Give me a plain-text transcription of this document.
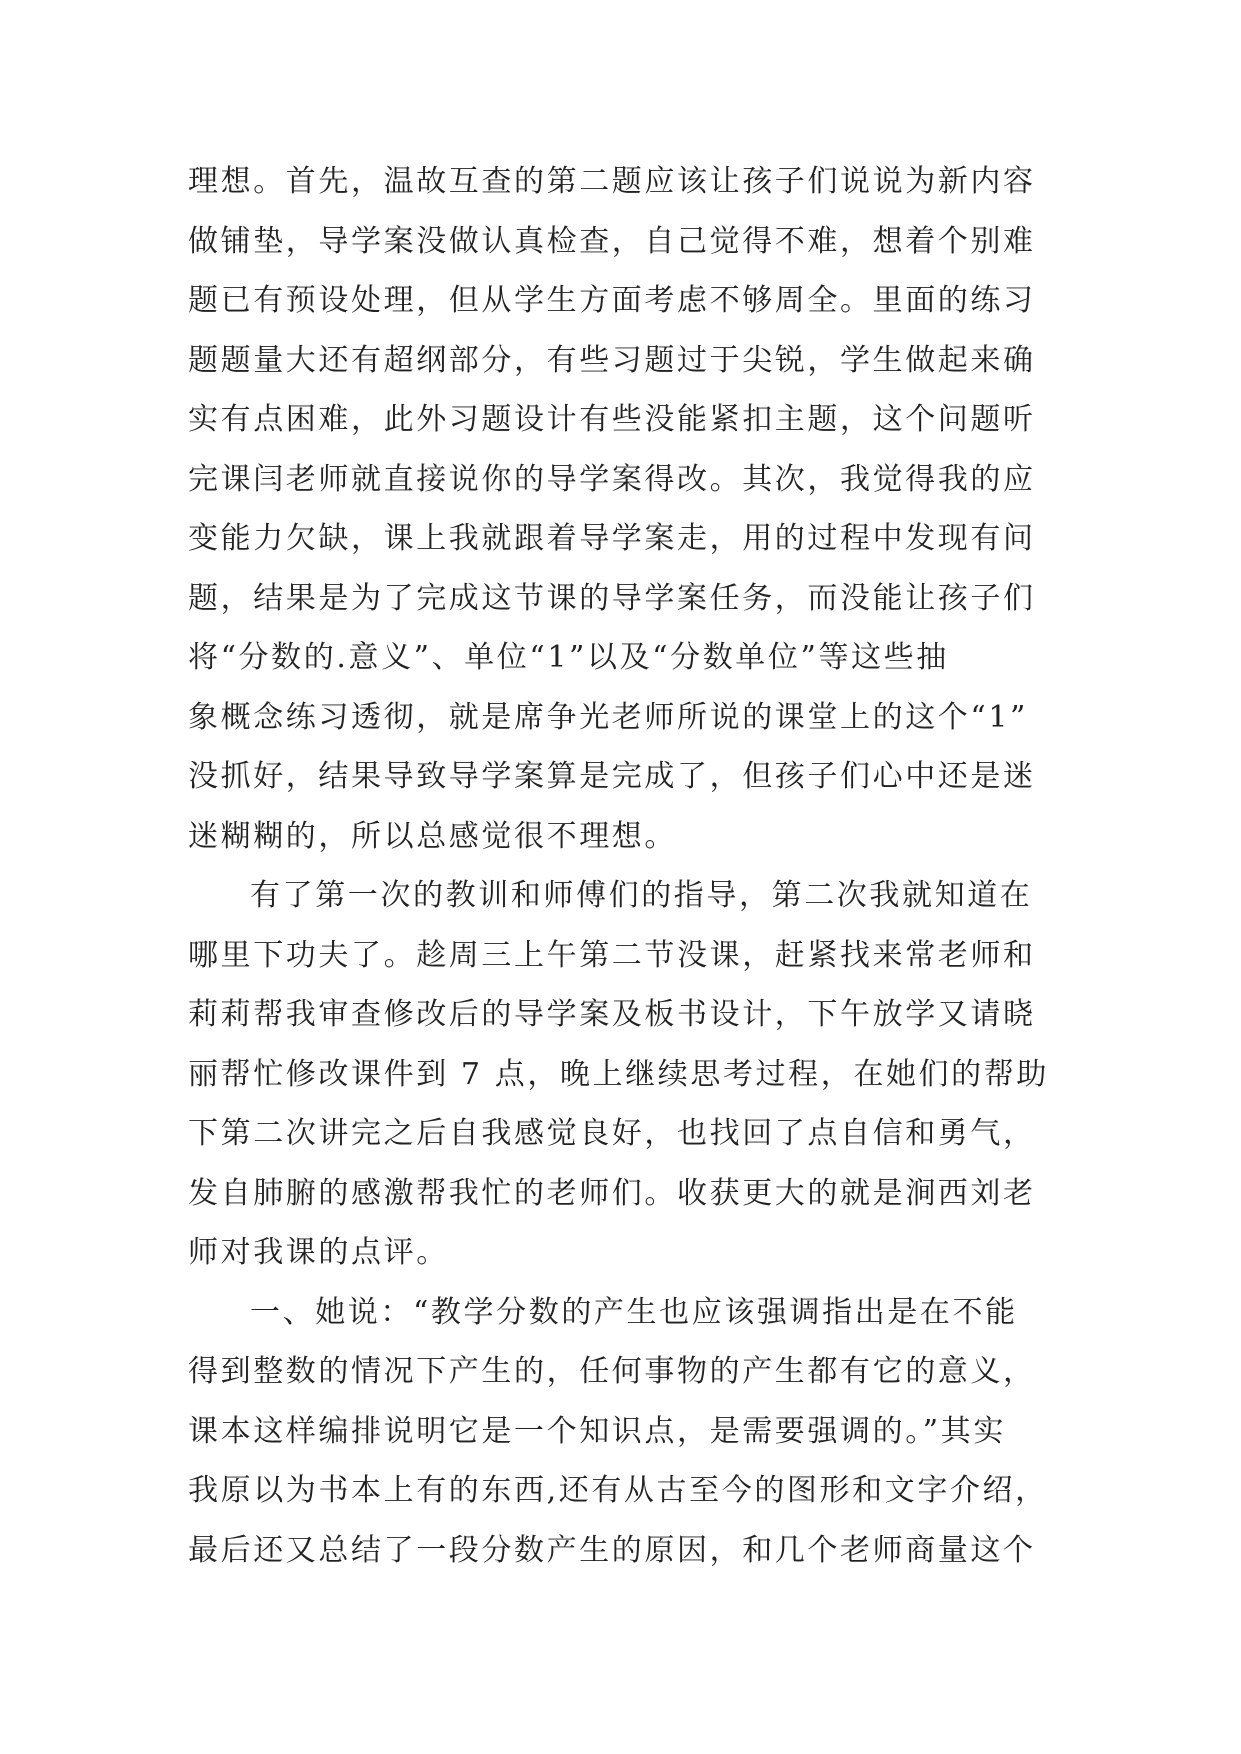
理想。首先，温故互查的第二题应该让孩子们说说为新内容
做铺垫，导学案没做认真检查，自己觉得不难，想着个别难
题已有预设处理，但从学生方面考虑不够周全。里面的练习
题题量大还有超纲部分，有些习题过于尖锐，学生做起来确
实有点困难，此外习题设计有些没能紧扣主题，这个问题听
完课闫老师就直接说你的导学案得改。其次，我觉得我的应
变能力欠缺，课上我就跟着导学案走，用的过程中发现有问
题，结果是为了完成这节课的导学案任务，而没能让孩子们
将“分数的.意义”、单位“1”以及“分数单位”等这些抽
象概念练习透彻，就是席争光老师所说的课堂上的这个“1”
没抓好，结果导致导学案算是完成了，但孩子们心中还是迷
迷糊糊的，所以总感觉很不理想。
有了第一次的教训和师傅们的指导，第二次我就知道在
哪里下功夫了。趁周三上午第二节没课，赶紧找来常老师和
莉莉帮我审查修改后的导学案及板书设计，下午放学又请晓
丽帮忙修改课件到 7 点，晚上继续思考过程，在她们的帮助
下第二次讲完之后自我感觉良好，也找回了点自信和勇气，
发自肺腑的感激帮我忙的老师们。收获更大的就是涧西刘老
师对我课的点评。
一、她说：“教学分数的产生也应该强调指出是在不能
得到整数的情况下产生的，任何事物的产生都有它的意义，
课本这样编排说明它是一个知识点，是需要强调的。”其实
我原以为书本上有的东西,还有从古至今的图形和文字介绍，
最后还又总结了一段分数产生的原因，和几个老师商量这个
